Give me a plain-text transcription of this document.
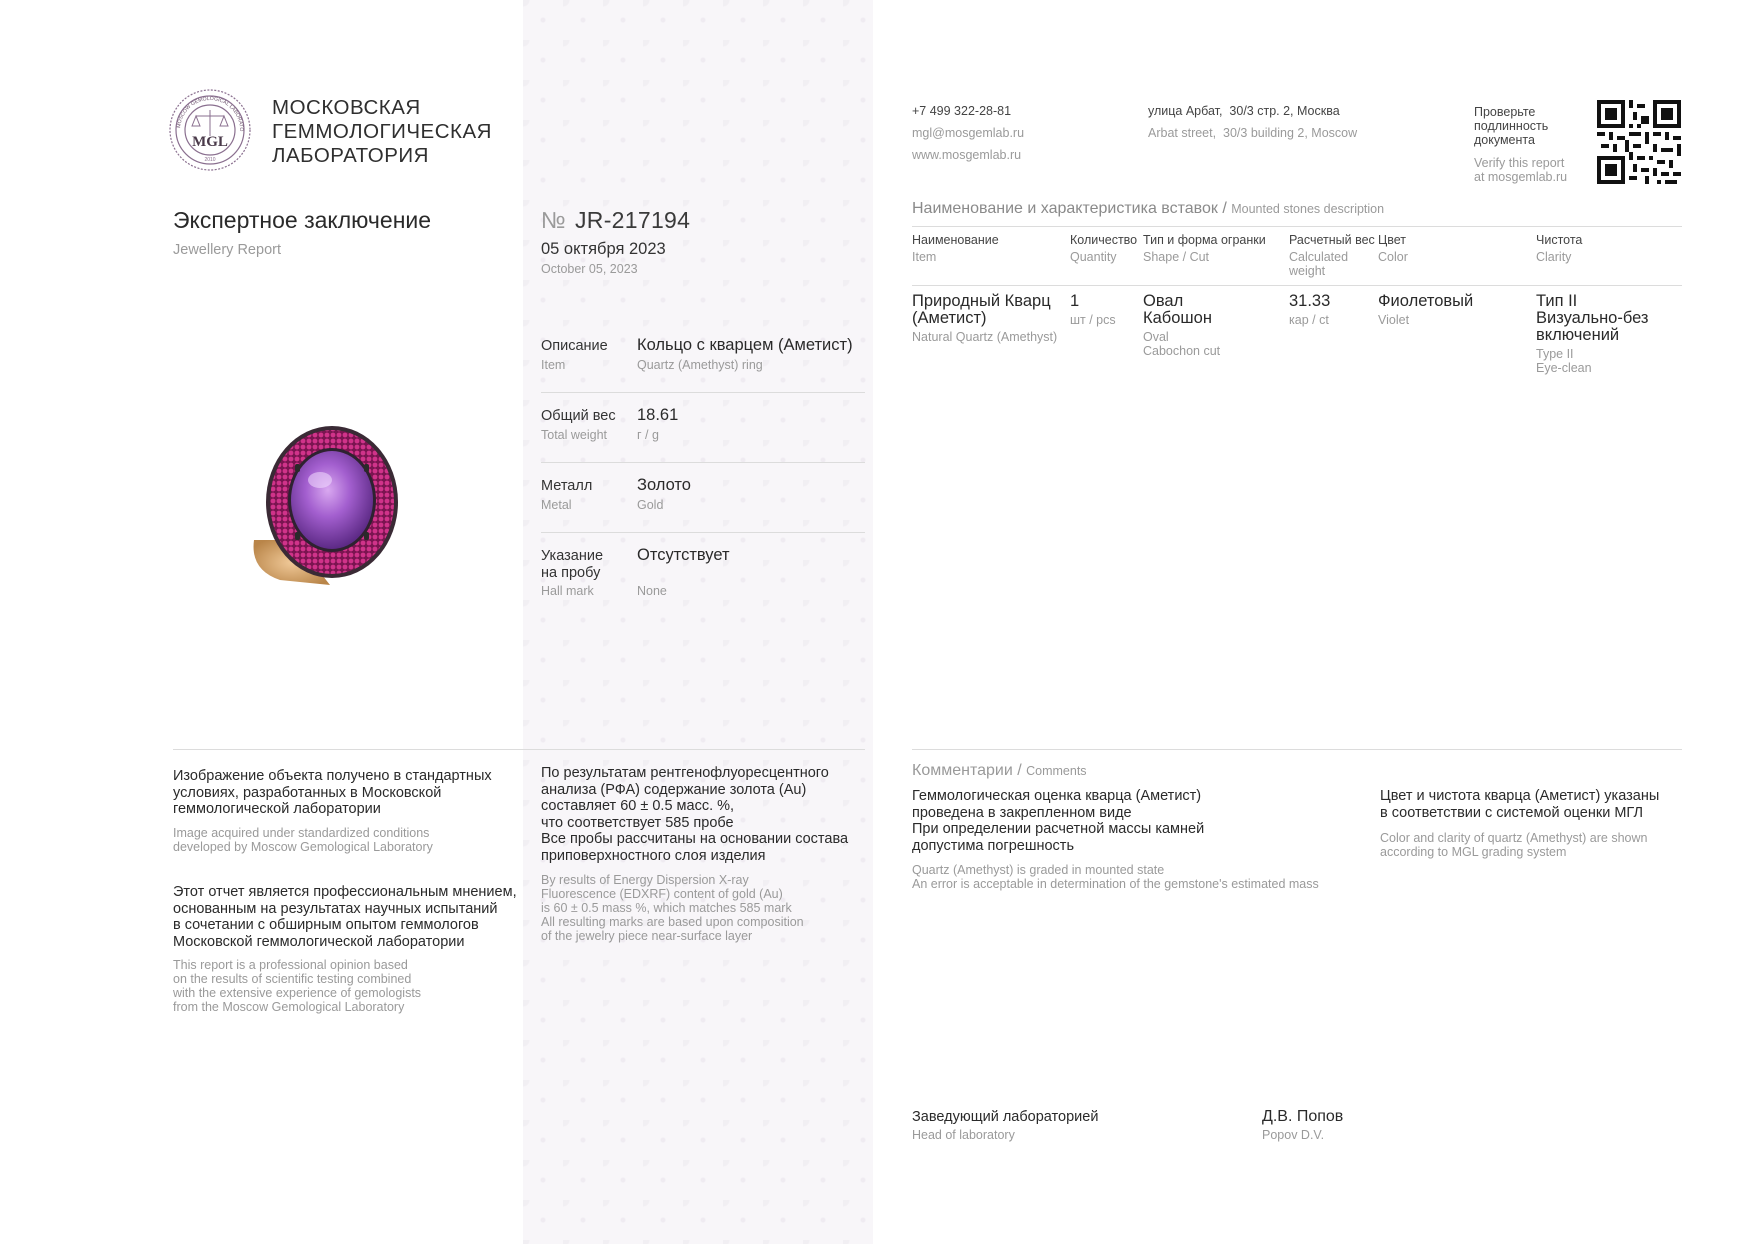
MGL
2010
MOSCOW GEMOLOGICAL LABORATO
МОСКОВСКАЯ
ГЕММОЛОГИЧЕСКАЯ
ЛАБОРАТОРИЯ
Экспертное заключение
Jewellery Report
№ JR-217194
05 октября 2023
October 05, 2023
Описание
Item
Кольцо с кварцем (Аметист)
Quartz (Amethyst) ring
Общий вес
Total weight
18.61
г / g
Металл
Metal
Золото
Gold
Указание
на пробу
Hall mark
Отсутствует
None
+7 499 322-28-81
mgl@mosgemlab.ru
www.mosgemlab.ru
улица Арбат,  30/3 стр. 2, Москва
Arbat street,  30/3 building 2, Moscow
Проверьте
подлинность
документа
Verify this report
at mosgemlab.ru
Наименование и характеристика вставок / Mounted stones description
Наименование
Item
Количество
Quantity
Тип и форма огранки
Shape / Cut
Расчетный вес
Calculated
weight
Цвет
Color
Чистота
Clarity
Природный Кварц
(Аметист)
Natural Quartz (Amethyst)
1
шт / pcs
Овал
Кабошон
Oval
Cabochon cut
31.33
кар / ct
Фиолетовый
Violet
Тип II
Визуально-без
включений
Type II
Eye-clean
Изображение объекта получено в стандартных
условиях, разработанных в Московской
геммологической лаборатории
Image acquired under standardized conditions
developed by Moscow Gemological Laboratory
Этот отчет является профессиональным мнением,
основанным на результатах научных испытаний
в сочетании с обширным опытом геммологов
Московской геммологической лаборатории
This report is a professional opinion based
on the results of scientific testing combined
with the extensive experience of gemologists
from the Moscow Gemological Laboratory
По результатам рентгенофлуоресцентного
анализа (РФА) содержание золота (Au)
составляет 60 ± 0.5 масс. %,
что соответствует 585 пробе
Все пробы рассчитаны на основании состава
приповерхностного слоя изделия
By results of Energy Dispersion X-ray
Fluorescence (EDXRF) content of gold (Au)
is 60 ± 0.5 mass %, which matches 585 mark
All resulting marks are based upon composition
of the jewelry piece near-surface layer
Комментарии / Comments
Геммологическая оценка кварца (Аметист)
проведена в закрепленном виде
При определении расчетной массы камней
допустима погрешность
Quartz (Amethyst) is graded in mounted state
An error is acceptable in determination of the gemstone's estimated mass
Цвет и чистота кварца (Аметист) указаны
в соответствии с системой оценки МГЛ
Color and clarity of quartz (Amethyst) are shown
according to MGL grading system
Заведующий лабораторией
Head of laboratory
Д.В. Попов
Popov D.V.
